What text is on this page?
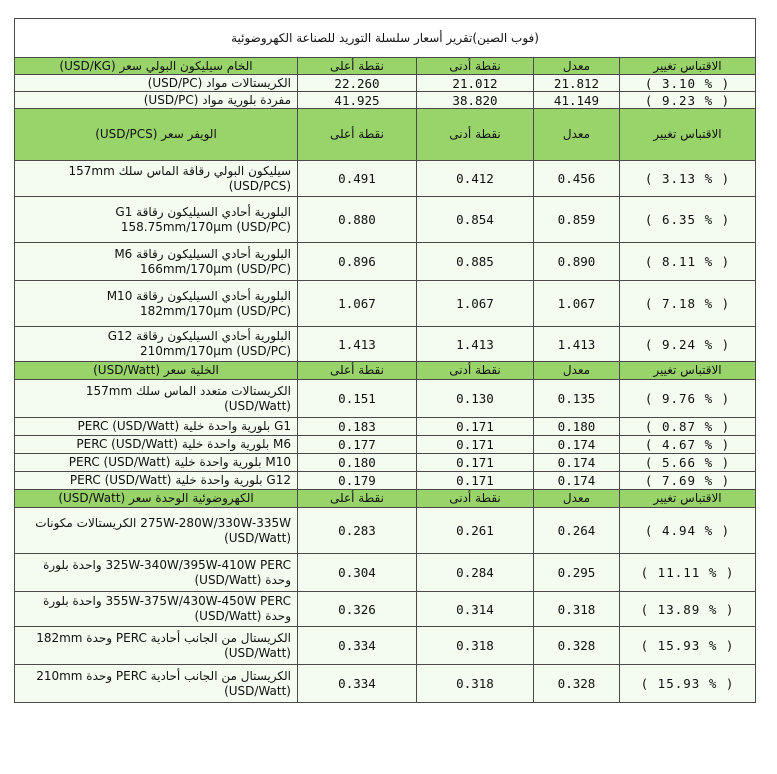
(فوب الصين)تقرير أسعار سلسلة التوريد للصناعة الكهروضوئية				
الخام سيليكون البولي سعر (USD/KG)	نقطة أعلى	نقطة أدنى	معدل	الاقتباس تغيير
الكريستالات مواد (USD/PC)	22.260	21.012	21.812	( 3.10 % )
مفردة بلورية مواد (USD/PC)	41.925	38.820	41.149	( 9.23 % )
الويفر سعر (USD/PCS)	نقطة أعلى	نقطة أدنى	معدل	الاقتباس تغيير
سيليكون البولي رقاقة الماس سلك 157mm (USD/PCS)	0.491	0.412	0.456	( 3.13 % )
البلورية أحادي السيليكون رقاقة G1 158.75mm/170μm (USD/PC)	0.880	0.854	0.859	( 6.35 % )
البلورية أحادي السيليكون رقاقة M6 166mm/170μm (USD/PC)	0.896	0.885	0.890	( 8.11 % )
البلورية أحادي السيليكون رقاقة M10 182mm/170μm (USD/PC)	1.067	1.067	1.067	( 7.18 % )
البلورية أحادي السيليكون رقاقة G12 210mm/170μm (USD/PC)	1.413	1.413	1.413	( 9.24 % )
الخلية سعر (USD/Watt)	نقطة أعلى	نقطة أدنى	معدل	الاقتباس تغيير
الكريستالات متعدد الماس سلك 157mm (USD/Watt)	0.151	0.130	0.135	( 9.76 % )
G1 بلورية واحدة خلية PERC (USD/Watt)	0.183	0.171	0.180	( 0.87 % )
M6 بلورية واحدة خلية PERC (USD/Watt)	0.177	0.171	0.174	( 4.67 % )
M10 بلورية واحدة خلية PERC (USD/Watt)	0.180	0.171	0.174	( 5.66 % )
G12 بلورية واحدة خلية PERC (USD/Watt)	0.179	0.171	0.174	( 7.69 % )
الكهروضوئية الوحدة سعر (USD/Watt)	نقطة أعلى	نقطة أدنى	معدل	الاقتباس تغيير
275W-280W/330W-335W الكريستالات مكونات (USD/Watt)	0.283	0.261	0.264	( 4.94 % )
325W-340W/395W-410W PERC واحدة بلورة وحدة (USD/Watt)	0.304	0.284	0.295	( 11.11 % )
355W-375W/430W-450W PERC واحدة بلورة وحدة (USD/Watt)	0.326	0.314	0.318	( 13.89 % )
الكريستال من الجانب أحادية PERC وحدة 182mm (USD/Watt)	0.334	0.318	0.328	( 15.93 % )
الكريستال من الجانب أحادية PERC وحدة 210mm (USD/Watt)	0.334	0.318	0.328	( 15.93 % )
